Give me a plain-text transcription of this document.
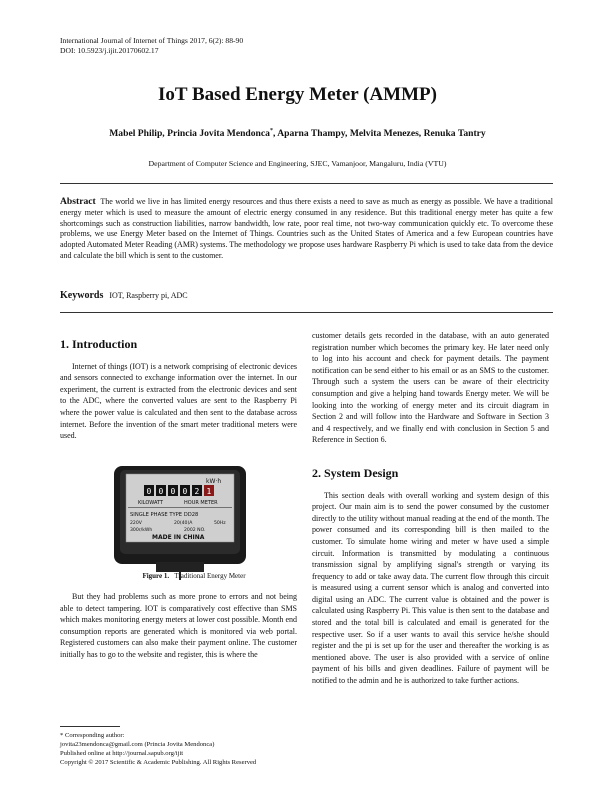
International Journal of Internet of Things 2017, 6(2): 88-90
DOI: 10.5923/j.ijit.20170602.17
IoT Based Energy Meter (AMMP)
Mabel Philip, Princia Jovita Mendonca*, Aparna Thampy, Melvita Menezes, Renuka Tantry
Department of Computer Science and Engineering, SJEC, Vamanjoor, Mangaluru, India (VTU)
Abstract The world we live in has limited energy resources and thus there exists a need to save as much as energy as possible. We have a traditional energy meter which is used to measure the amount of electric energy consumed in any residence. But this traditional energy meter has quite a few shortcomings such as construction liabilities, narrow bandwidth, low rate, poor real time, not two-way communication quickly etc. To overcome these problems, we use Energy Meter based on the Internet of Things. Countries such as the United States of America and a few European countries have adopted Automated Meter Reading (AMR) systems. The methodology we propose uses hardware Raspberry Pi which is used to take data from the device and calculate the bill which is sent to the customer.
Keywords IOT, Raspberry pi, ADC
1. Introduction

Internet of things (IOT) is a network comprising of electronic devices and sensors connected to exchange information over the internet. In our experiment, the current is extracted from the electronic devices and sent to the ADC, where the converted values are sent to the Raspberry Pi where the power value is calculated and then sent to the database across internet. Before the invention of the smart meter traditional meters were used.

kW·h
0 0 0 0 2 1
KILOWATT	HOUR METER
SINGLE PHASE TYPE DD28
220V	20(40)A	50Hz
300r/kWh	2002 NO.
MADE IN CHINA
Figure 1. Traditional Energy Meter

But they had problems such as more prone to errors and not being able to detect tampering. IOT is comparatively cost effective than SMS which makes monitoring energy meters at lower cost possible. Month end consumption reports are generated which is monitored via web portal. Registered customers can also make their payment online. The customer initially has to go to the website and register, this is where the

* Corresponding author:
jovita23mendonca@gmail.com (Princia Jovita Mendonca)
Published online at http://journal.sapub.org/ijit
Copyright © 2017 Scientific & Academic Publishing. All Rights Reserved

customer details gets recorded in the database, with an auto generated registration number which becomes the primary key. He later need only to log into his account and check for payment details. The payment notification can be send either to his email or as an SMS to the customer. Through such a system the users can be aware of their electricity consumption and give a helping hand towards Energy meter. We will be looking into the working of energy meter and its circuit diagram in Section 2 and will follow into the Hardware and Software in Section 3 and 4 respectively, and we finally end with conclusion in Section 5 and Reference in Section 6.

2. System Design

This section deals with overall working and system design of this project. Our main aim is to send the power consumed by the customer directly to the utility without manual reading at the end of the month. The power consumed and its corresponding bill is then mailed to the customer. To simulate home wiring and meter w have used a simple circuit. Information is transmitted by modulating a continuous transmission signal by amplifying signal's strength or varying its frequency to add or take away data. The current flow through this circuit is measured using a current sensor which is analog and converted into digital using an ADC. The current value is obtained and the power is calculated using Raspberry Pi. This value is then sent to the database and stored and the total bill is calculated and email is generated for the respective user. So if a user wants to avail this service he/she should register and the pi is set up for the user and thereafter the working is as mentioned above. The user is also provided with a service of online payment of his bills and given deadlines. Failure of payment will be notified to the admin and he is authorized to take further actions.
